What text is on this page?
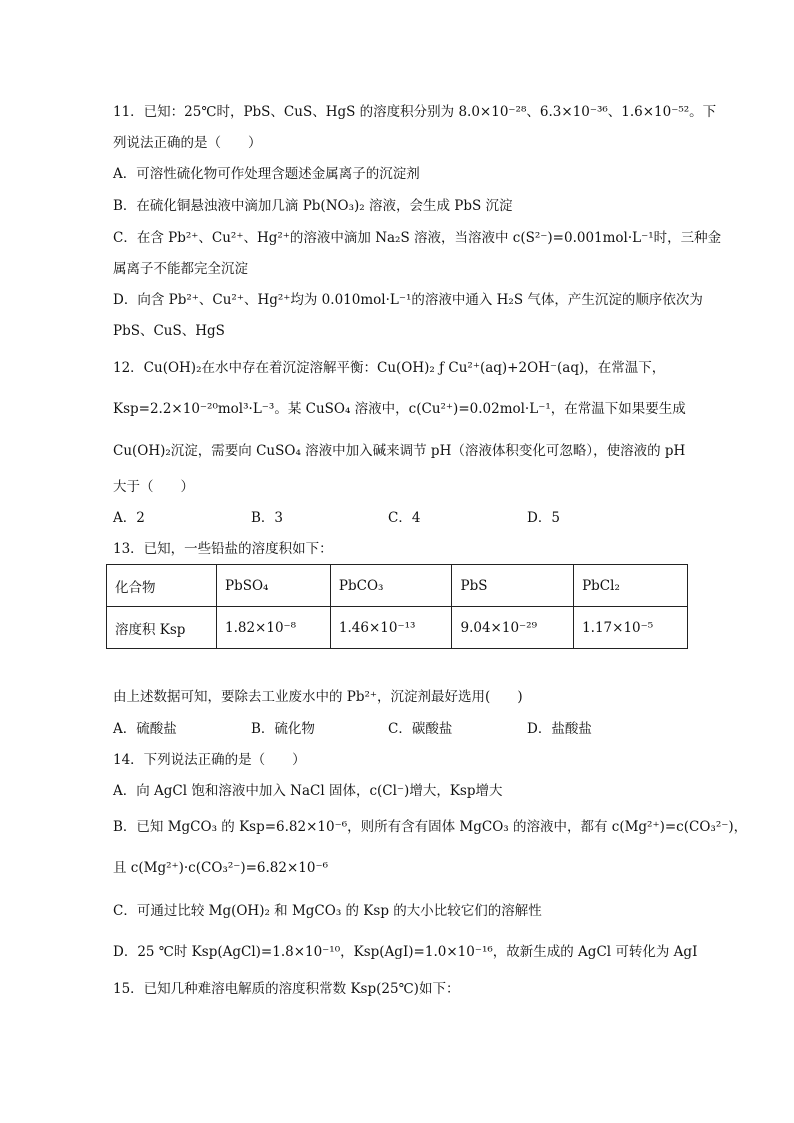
11．已知：25℃时，PbS、CuS、HgS 的溶度积分别为 8.0×10⁻²⁸、6.3×10⁻³⁶、1.6×10⁻⁵²。下
列说法正确的是（　　）
A．可溶性硫化物可作处理含题述金属离子的沉淀剂
B．在硫化铜悬浊液中滴加几滴 Pb(NO₃)₂ 溶液，会生成 PbS 沉淀
C．在含 Pb²⁺、Cu²⁺、Hg²⁺的溶液中滴加 Na₂S 溶液，当溶液中 c(S²⁻)=0.001mol·L⁻¹时，三种金
属离子不能都完全沉淀
D．向含 Pb²⁺、Cu²⁺、Hg²⁺均为 0.010mol·L⁻¹的溶液中通入 H₂S 气体，产生沉淀的顺序依次为
PbS、CuS、HgS
12．Cu(OH)₂在水中存在着沉淀溶解平衡：Cu(OH)₂ ƒ Cu²⁺(aq)+2OH⁻(aq)，在常温下，
Ksp=2.2×10⁻²⁰mol³·L⁻³。某 CuSO₄ 溶液中，c(Cu²⁺)=0.02mol·L⁻¹，在常温下如果要生成
Cu(OH)₂沉淀，需要向 CuSO₄ 溶液中加入碱来调节 pH（溶液体积变化可忽略），使溶液的 pH
大于（　　）
A．2	B．3	C．4	D．5
13．已知，一些铅盐的溶度积如下：
化合物	PbSO₄	PbCO₃	PbS	PbCl₂
溶度积 Ksp	1.82×10⁻⁸	1.46×10⁻¹³	9.04×10⁻²⁹	1.17×10⁻⁵
由上述数据可知，要除去工业废水中的 Pb²⁺，沉淀剂最好选用(　　)
A．硫酸盐	B．硫化物	C．碳酸盐	D．盐酸盐
14．下列说法正确的是（　　）
A．向 AgCl 饱和溶液中加入 NaCl 固体，c(Cl⁻)增大，Ksp增大
B．已知 MgCO₃ 的 Ksp=6.82×10⁻⁶，则所有含有固体 MgCO₃ 的溶液中，都有 c(Mg²⁺)=c(CO₃²⁻)，
且 c(Mg²⁺)·c(CO₃²⁻)=6.82×10⁻⁶
C．可通过比较 Mg(OH)₂ 和 MgCO₃ 的 Ksp 的大小比较它们的溶解性
D．25 ℃时 Ksp(AgCl)=1.8×10⁻¹⁰，Ksp(AgI)=1.0×10⁻¹⁶，故新生成的 AgCl 可转化为 AgI
15．已知几种难溶电解质的溶度积常数 Ksp(25℃)如下：
